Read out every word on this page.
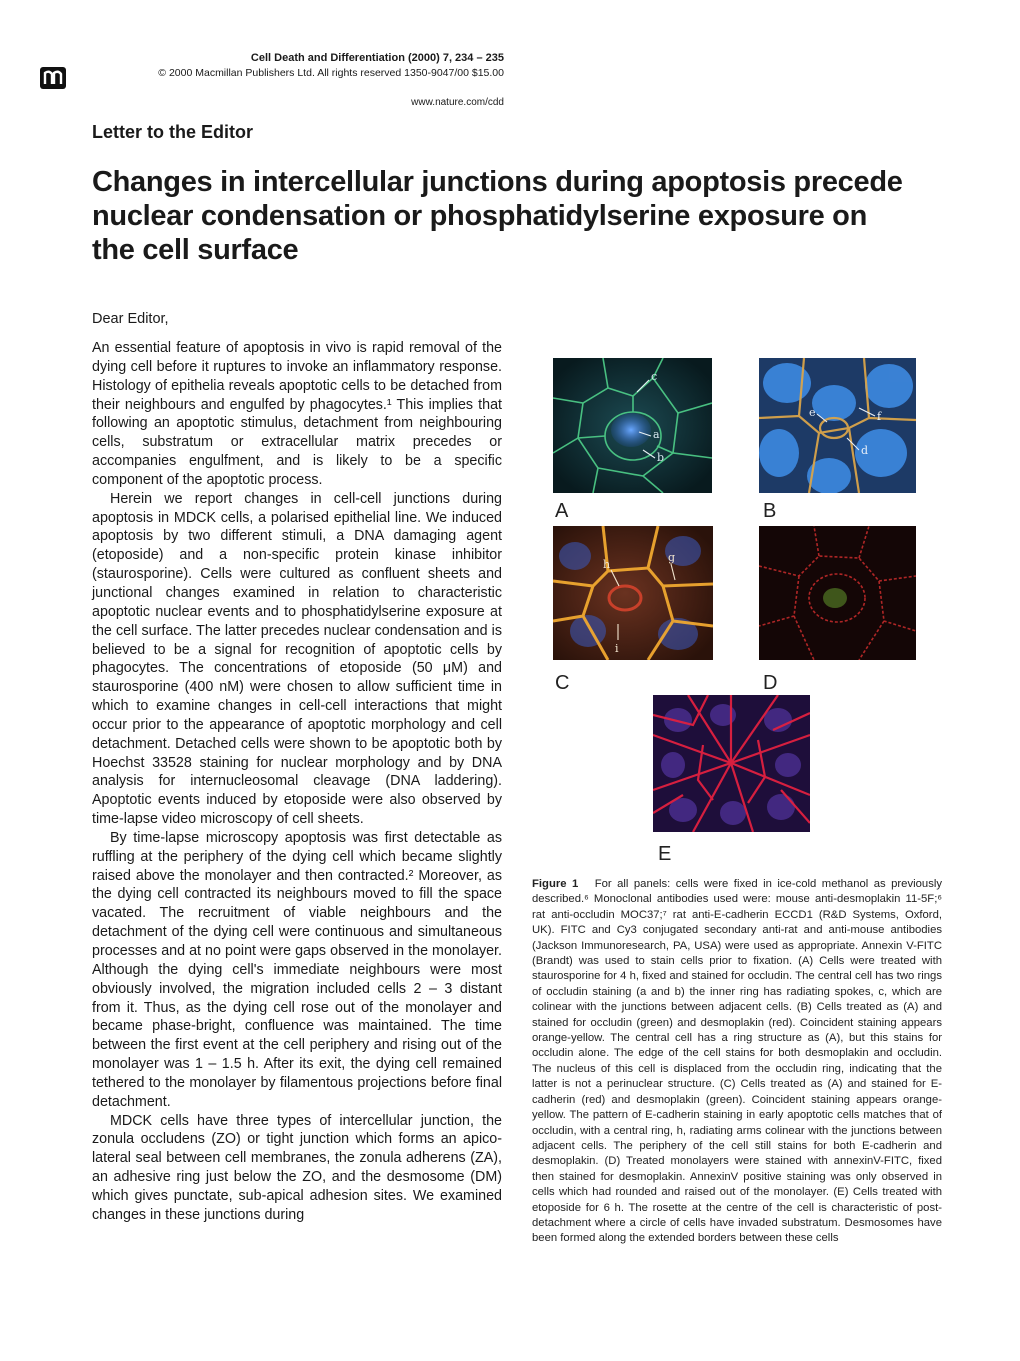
Cell Death and Differentiation (2000) 7, 234 – 235
© 2000 Macmillan Publishers Ltd. All rights reserved 1350-9047/00 $15.00
www.nature.com/cdd
Letter to the Editor
Changes in intercellular junctions during apoptosis precede nuclear condensation or phosphatidylserine exposure on the cell surface
Dear Editor,

An essential feature of apoptosis in vivo is rapid removal of the dying cell before it ruptures to invoke an inflammatory response. Histology of epithelia reveals apoptotic cells to be detached from their neighbours and engulfed by phagocytes.¹ This implies that following an apoptotic stimulus, detachment from neighbouring cells, substratum or extracellular matrix precedes or accompanies engulfment, and is likely to be a specific component of the apoptotic process.

Herein we report changes in cell-cell junctions during apoptosis in MDCK cells, a polarised epithelial line. We induced apoptosis by two different stimuli, a DNA damaging agent (etoposide) and a non-specific protein kinase inhibitor (staurosporine). Cells were cultured as confluent sheets and junctional changes examined in relation to characteristic apoptotic nuclear events and to phosphatidylserine exposure at the cell surface. The latter precedes nuclear condensation and is believed to be a signal for recognition of apoptotic cells by phagocytes. The concentrations of etoposide (50 μM) and staurosporine (400 nM) were chosen to allow sufficient time in which to examine changes in cell-cell interactions that might occur prior to the appearance of apoptotic morphology and cell detachment. Detached cells were shown to be apoptotic both by Hoechst 33528 staining for nuclear morphology and by DNA analysis for internucleosomal cleavage (DNA laddering). Apoptotic events induced by etoposide were also observed by time-lapse video microscopy of cell sheets.

By time-lapse microscopy apoptosis was first detectable as ruffling at the periphery of the dying cell which became slightly raised above the monolayer and then contracted.² Moreover, as the dying cell contracted its neighbours moved to fill the space vacated. The recruitment of viable neighbours and the detachment of the dying cell were continuous and simultaneous processes and at no point were gaps observed in the monolayer. Although the dying cell's immediate neighbours were most obviously involved, the migration included cells 2 – 3 distant from it. Thus, as the dying cell rose out of the monolayer and became phase-bright, confluence was maintained. The time between the first event at the cell periphery and rising out of the monolayer was 1 – 1.5 h. After its exit, the dying cell remained tethered to the monolayer by filamentous projections before final detachment.

MDCK cells have three types of intercellular junction, the zonula occludens (ZO) or tight junction which forms an apico-lateral seal between cell membranes, the zonula adherens (ZA), an adhesive ring just below the ZO, and the desmosome (DM) which gives punctate, sub-apical adhesion sites. We examined changes in these junctions during

c
a
b
A
e	f
d
B
h
g
i
C	D
E
Figure 1 For all panels: cells were fixed in ice-cold methanol as previously described.⁶ Monoclonal antibodies used were: mouse anti-desmoplakin 11-5F;⁶ rat anti-occludin MOC37;⁷ rat anti-E-cadherin ECCD1 (R&D Systems, Oxford, UK). FITC and Cy3 conjugated secondary anti-rat and anti-mouse antibodies (Jackson Immunoresearch, PA, USA) were used as appropriate. Annexin V-FITC (Brandt) was used to stain cells prior to fixation. (A) Cells were treated with staurosporine for 4 h, fixed and stained for occludin. The central cell has two rings of occludin staining (a and b) the inner ring has radiating spokes, c, which are colinear with the junctions between adjacent cells. (B) Cells treated as (A) and stained for occludin (green) and desmoplakin (red). Coincident staining appears orange-yellow. The central cell has a ring structure as (A), but this stains for occludin alone. The edge of the cell stains for both desmoplakin and occludin. The nucleus of this cell is displaced from the occludin ring, indicating that the latter is not a perinuclear structure. (C) Cells treated as (A) and stained for E-cadherin (red) and desmoplakin (green). Coincident staining appears orange-yellow. The pattern of E-cadherin staining in early apoptotic cells matches that of occludin, with a central ring, h, radiating arms colinear with the junctions between adjacent cells. The periphery of the cell still stains for both E-cadherin and desmoplakin. (D) Treated monolayers were stained with annexinV-FITC, fixed then stained for desmoplakin. AnnexinV positive staining was only observed in cells which had rounded and raised out of the monolayer. (E) Cells treated with etoposide for 6 h. The rosette at the centre of the cell is characteristic of post-detachment where a circle of cells have invaded substratum. Desmosomes have been formed along the extended borders between these cells
